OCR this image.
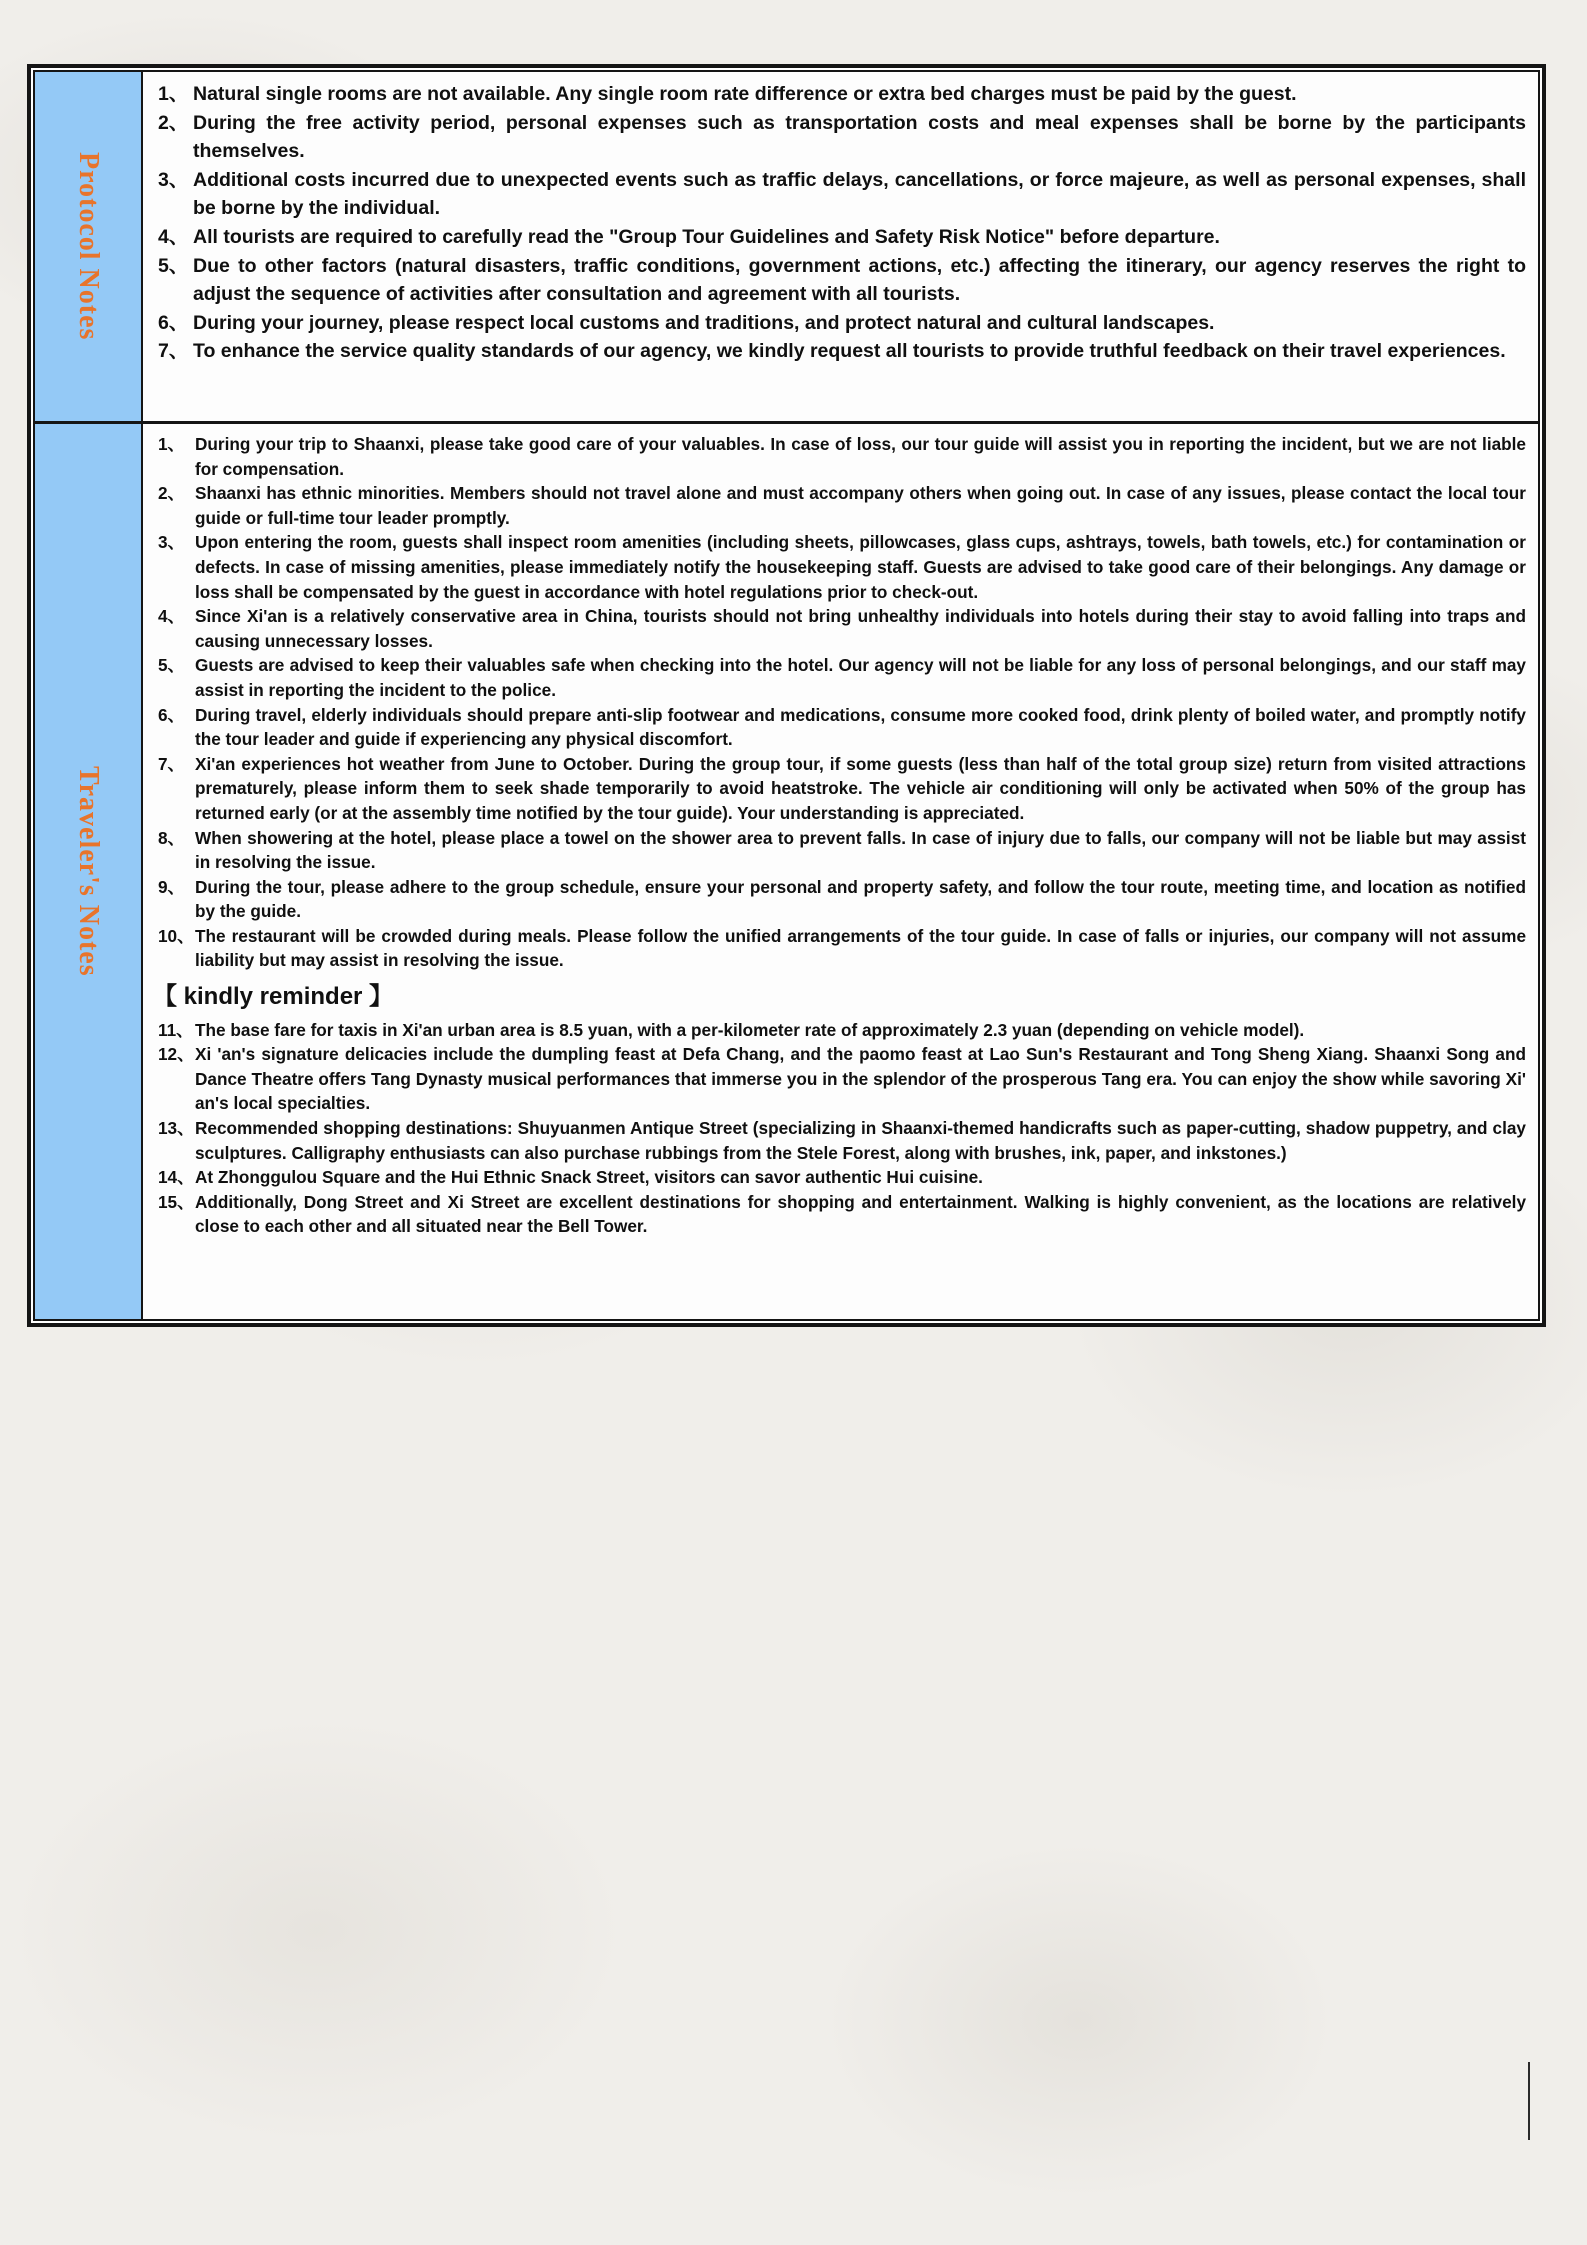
Protocol Notes
1、 Natural single rooms are not available. Any single room rate difference or extra bed charges must be paid by the guest.
2、 During the free activity period, personal expenses such as transportation costs and meal expenses shall be borne by the participants themselves.
3、 Additional costs incurred due to unexpected events such as traffic delays, cancellations, or force majeure, as well as personal expenses, shall be borne by the individual.
4、 All tourists are required to carefully read the "Group Tour Guidelines and Safety Risk Notice" before departure.
5、 Due to other factors (natural disasters, traffic conditions, government actions, etc.) affecting the itinerary, our agency reserves the right to adjust the sequence of activities after consultation and agreement with all tourists.
6、 During your journey, please respect local customs and traditions, and protect natural and cultural landscapes.
7、 To enhance the service quality standards of our agency, we kindly request all tourists to provide truthful feedback on their travel experiences.
Traveler's Notes
1、 During your trip to Shaanxi, please take good care of your valuables. In case of loss, our tour guide will assist you in reporting the incident, but we are not liable for compensation.
2、 Shaanxi has ethnic minorities. Members should not travel alone and must accompany others when going out. In case of any issues, please contact the local tour guide or full-time tour leader promptly.
3、 Upon entering the room, guests shall inspect room amenities (including sheets, pillowcases, glass cups, ashtrays, towels, bath towels, etc.) for contamination or defects. In case of missing amenities, please immediately notify the housekeeping staff. Guests are advised to take good care of their belongings. Any damage or loss shall be compensated by the guest in accordance with hotel regulations prior to check-out.
4、 Since Xi'an is a relatively conservative area in China, tourists should not bring unhealthy individuals into hotels during their stay to avoid falling into traps and causing unnecessary losses.
5、 Guests are advised to keep their valuables safe when checking into the hotel. Our agency will not be liable for any loss of personal belongings, and our staff may assist in reporting the incident to the police.
6、 During travel, elderly individuals should prepare anti-slip footwear and medications, consume more cooked food, drink plenty of boiled water, and promptly notify the tour leader and guide if experiencing any physical discomfort.
7、 Xi'an experiences hot weather from June to October. During the group tour, if some guests (less than half of the total group size) return from visited attractions prematurely, please inform them to seek shade temporarily to avoid heatstroke. The vehicle air conditioning will only be activated when 50% of the group has returned early (or at the assembly time notified by the tour guide). Your understanding is appreciated.
8、 When showering at the hotel, please place a towel on the shower area to prevent falls. In case of injury due to falls, our company will not be liable but may assist in resolving the issue.
9、 During the tour, please adhere to the group schedule, ensure your personal and property safety, and follow the tour route, meeting time, and location as notified by the guide.
10、 The restaurant will be crowded during meals. Please follow the unified arrangements of the tour guide. In case of falls or injuries, our company will not assume liability but may assist in resolving the issue.
【 kindly reminder 】
11、 The base fare for taxis in Xi'an urban area is 8.5 yuan, with a per-kilometer rate of approximately 2.3 yuan (depending on vehicle model).
12、 Xi 'an's signature delicacies include the dumpling feast at Defa Chang, and the paomo feast at Lao Sun's Restaurant and Tong Sheng Xiang. Shaanxi Song and Dance Theatre offers Tang Dynasty musical performances that immerse you in the splendor of the prosperous Tang era. You can enjoy the show while savoring Xi' an's local specialties.
13、 Recommended shopping destinations: Shuyuanmen Antique Street (specializing in Shaanxi-themed handicrafts such as paper-cutting, shadow puppetry, and clay sculptures. Calligraphy enthusiasts can also purchase rubbings from the Stele Forest, along with brushes, ink, paper, and inkstones.)
14、 At Zhonggulou Square and the Hui Ethnic Snack Street, visitors can savor authentic Hui cuisine.
15、 Additionally, Dong Street and Xi Street are excellent destinations for shopping and entertainment. Walking is highly convenient, as the locations are relatively close to each other and all situated near the Bell Tower.
